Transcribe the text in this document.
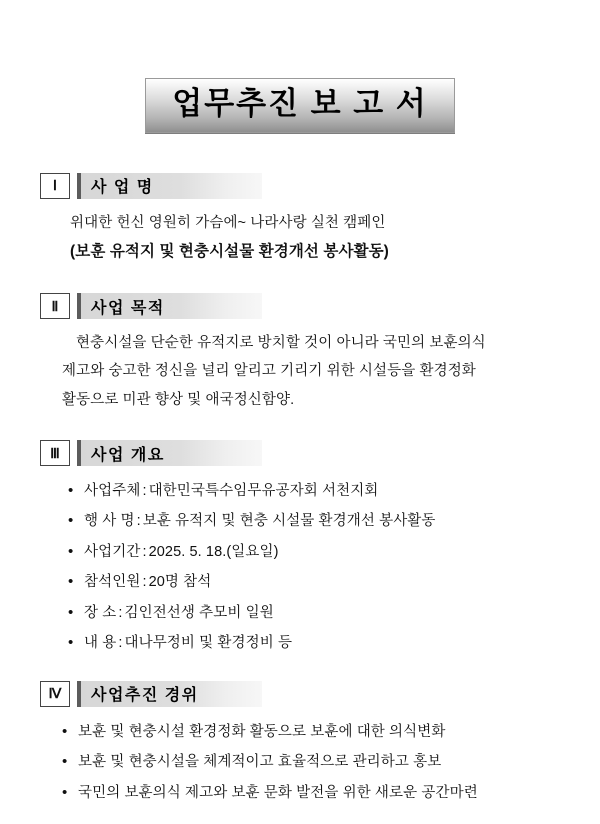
업무추진 보 고 서
Ⅰ	사 업 명
위대한 헌신 영원히 가슴에~ 나라사랑 실천 캠페인
(보훈 유적지 및 현충시설물 환경개선 봉사활동)
Ⅱ	사업 목적
현충시설을 단순한 유적지로 방치할 것이 아니라 국민의 보훈의식
제고와 숭고한 정신을 널리 알리고 기리기 위한 시설등을 환경정화
활동으로 미관 향상 및 애국정신함양.
Ⅲ	사업 개요
• 사업주체 : 대한민국특수임무유공자회 서천지회
• 행 사 명 : 보훈 유적지 및 현충 시설물 환경개선 봉사활동
• 사업기간 : 2025. 5. 18.(일요일)
• 참석인원 : 20명 참석
• 장 소 : 김인전선생 추모비 일원
• 내 용 : 대나무정비 및 환경정비 등
Ⅳ	사업추진 경위
• 보훈 및 현충시설 환경정화 활동으로 보훈에 대한 의식변화
• 보훈 및 현충시설을 체계적이고 효율적으로 관리하고 홍보
• 국민의 보훈의식 제고와 보훈 문화 발전을 위한 새로운 공간마련
